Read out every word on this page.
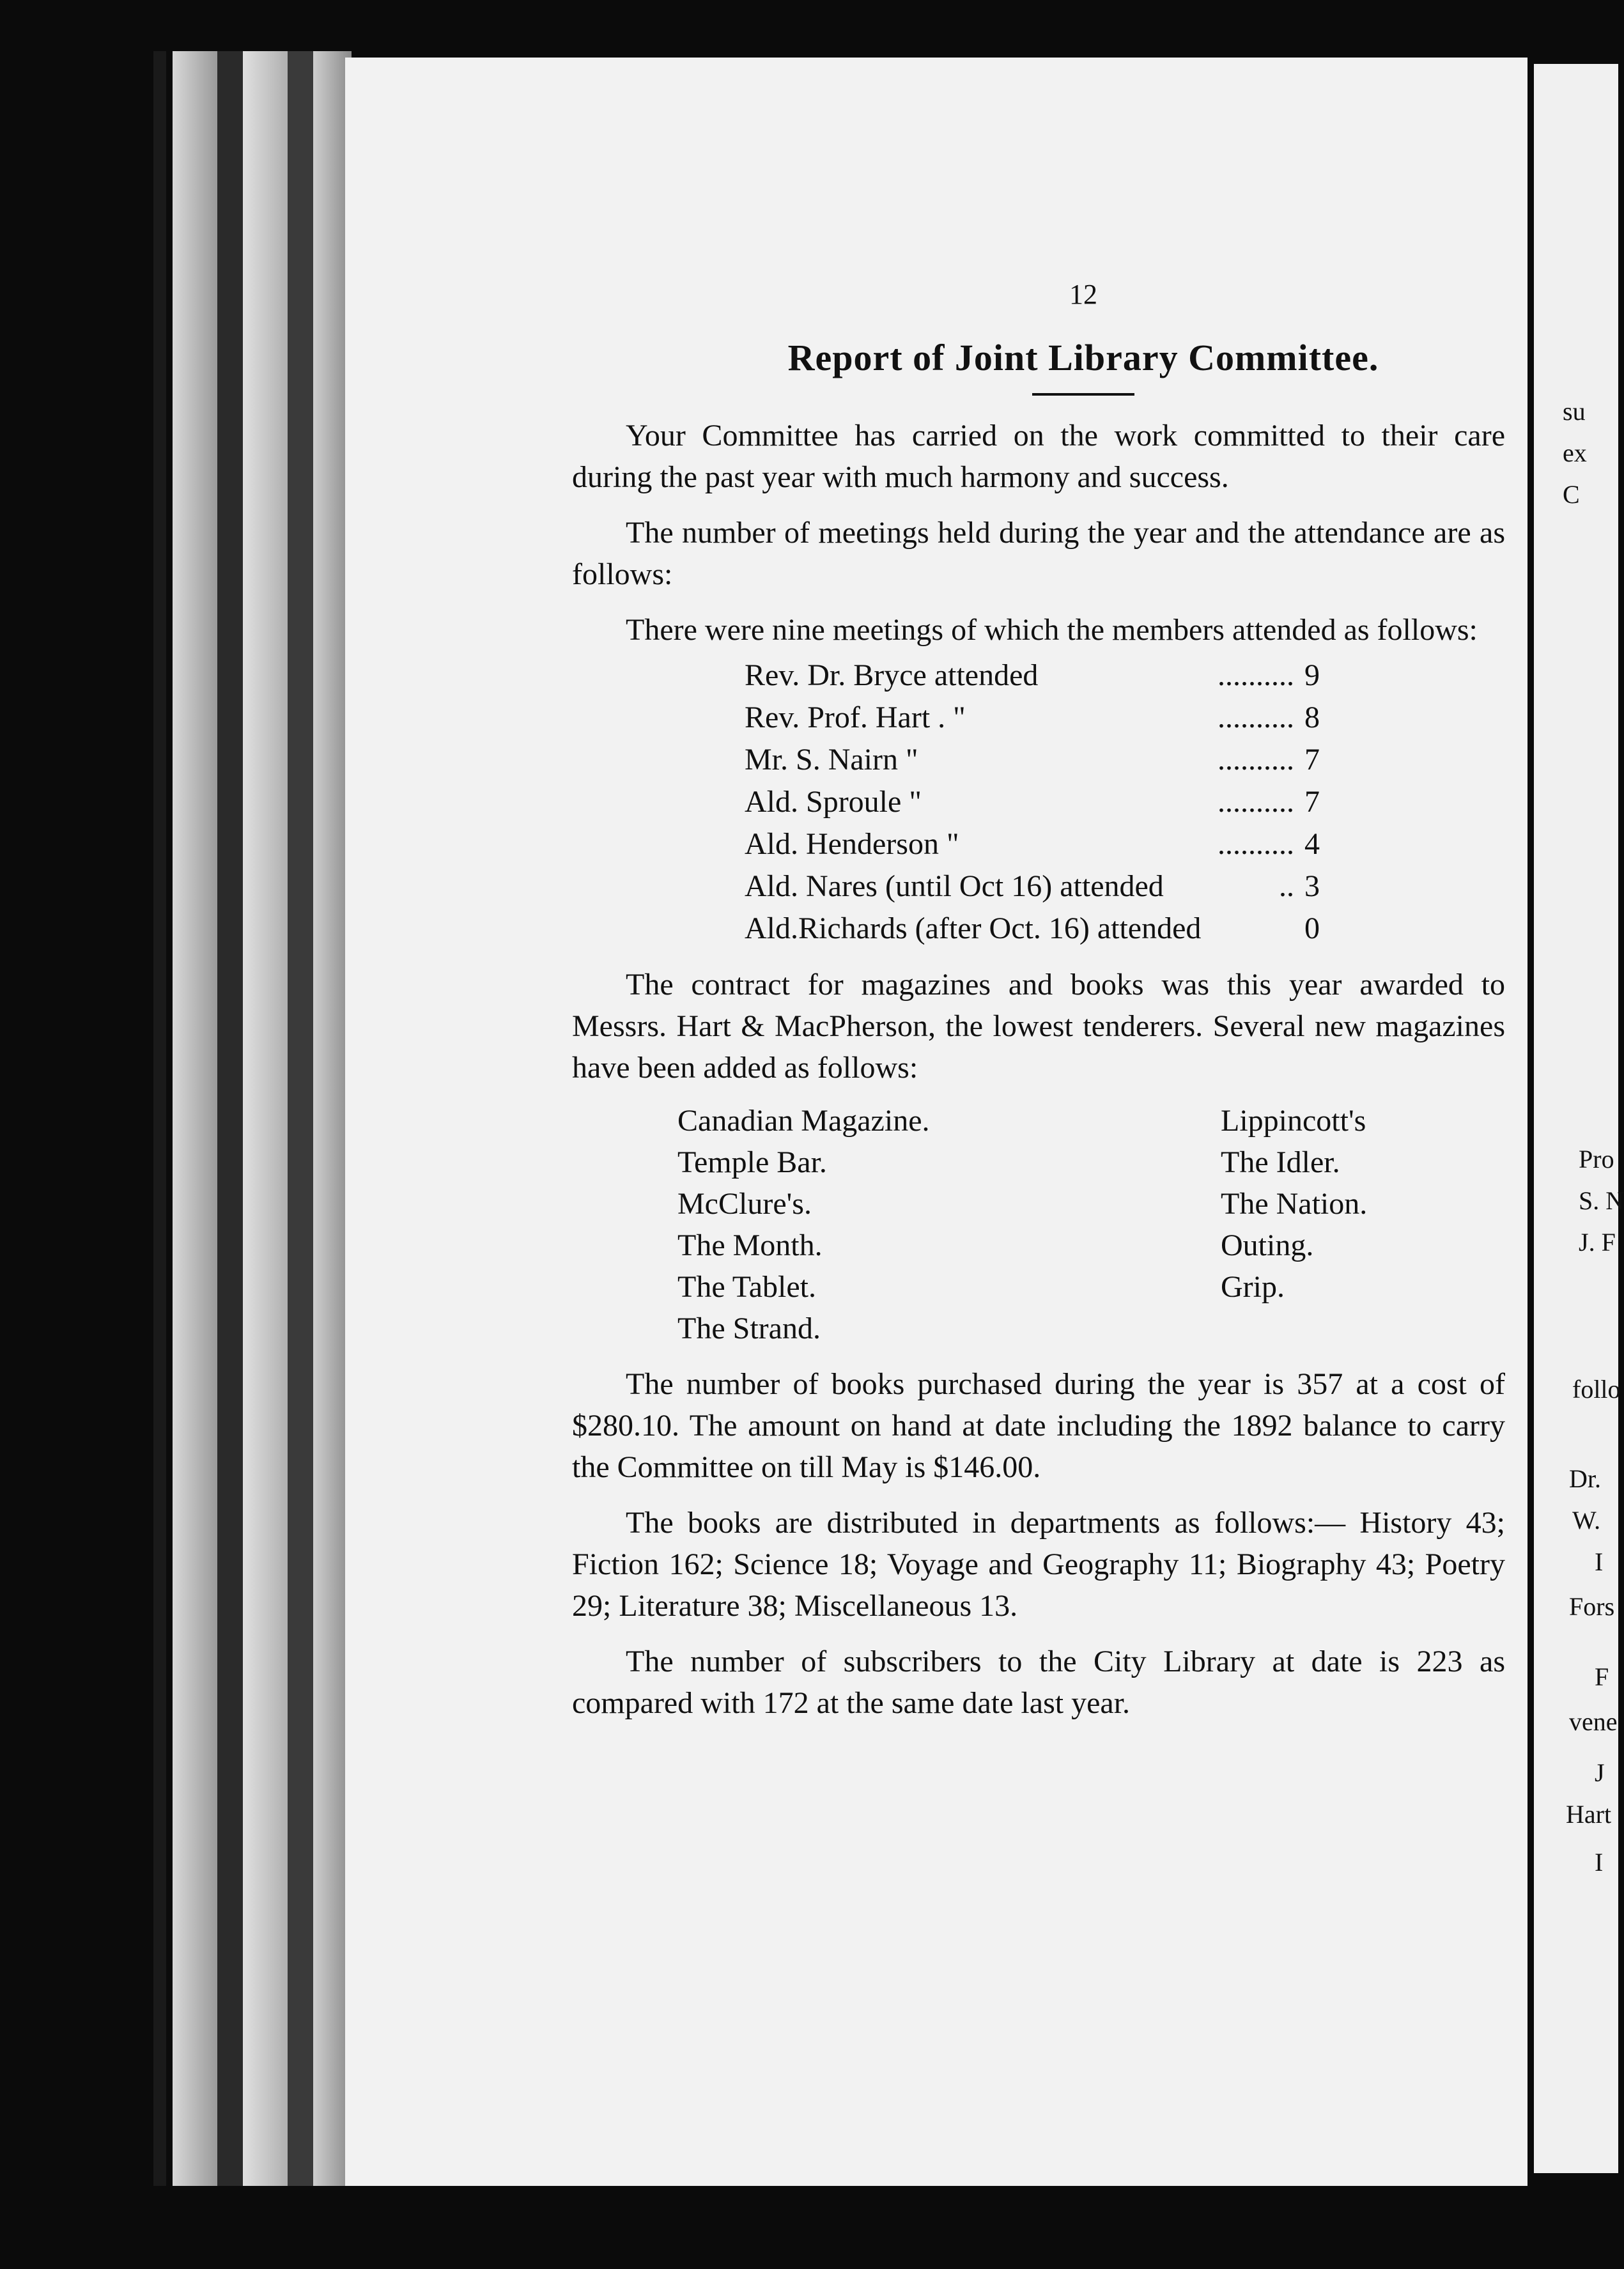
12
Report of Joint Library Committee.

Your Committee has carried on the work committed to their care during the past year with much harmony and success.

The number of meetings held during the year and the attendance are as follows:

There were nine meetings of which the members attended as follows:

Rev. Dr. Bryce attended	.......... 9
Rev. Prof. Hart . "	.......... 8
Mr. S. Nairn "	.......... 7
Ald. Sproule "	.......... 7
Ald. Henderson "	.......... 4
Ald. Nares (until Oct 16) attended	.. 3
Ald.Richards (after Oct. 16) attended	0

The contract for magazines and books was this year awarded to Messrs. Hart & MacPherson, the lowest tenderers. Several new magazines have been added as follows:

Canadian Magazine.	Lippincott's
Temple Bar.	The Idler.
McClure's.	The Nation.
The Month.	Outing.
The Tablet.	Grip.
The Strand.

The number of books purchased during the year is 357 at a cost of $280.10. The amount on hand at date including the 1892 balance to carry the Committee on till May is $146.00.

The books are distributed in departments as follows:— History 43; Fiction 162; Science 18; Voyage and Geography 11; Biography 43; Poetry 29; Literature 38; Miscellaneous 13.

The number of subscribers to the City Library at date is 223 as compared with 172 at the same date last year.

su
ex
C
Pro
S. N
J. F
follo
Dr.
W.
I
Fors
F
vene
J
Hart
I
